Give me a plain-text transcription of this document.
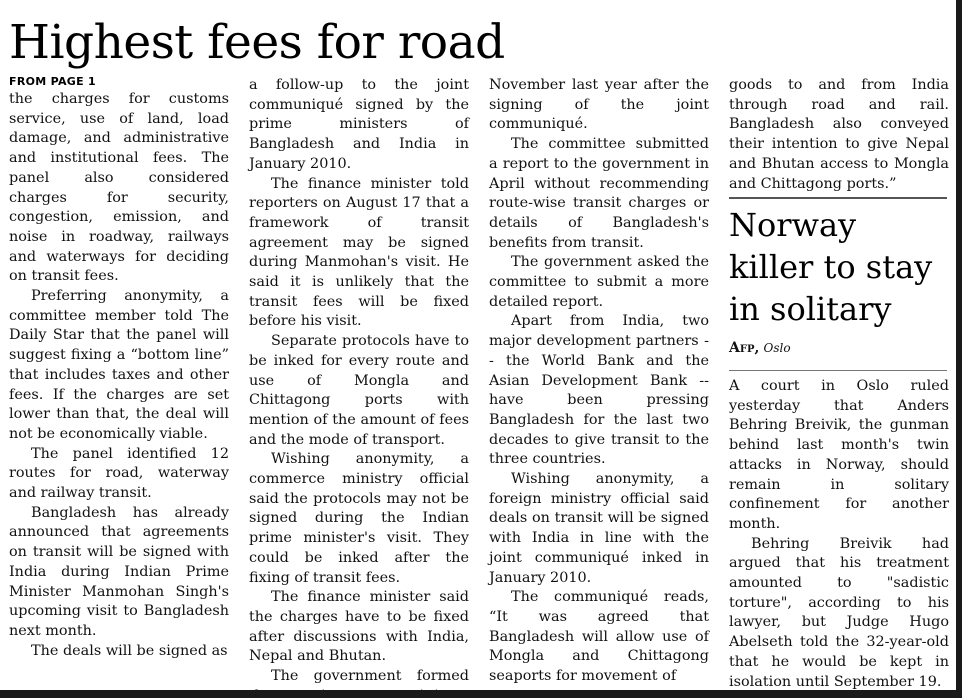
Highest fees for road
FROM PAGE 1

the charges for customs service, use of land, load damage, and administrative and institutional fees. The panel also considered charges for security, congestion, emission, and noise in roadway, railways and waterways for deciding on transit fees.

Preferring anonymity, a committee member told The Daily Star that the panel will suggest fixing a “bottom line” that includes taxes and other fees. If the charges are set lower than that, the deal will not be economically viable.

The panel identified 12 routes for road, waterway and railway transit.

Bangladesh has already announced that agreements on transit will be signed with India during Indian Prime Minister Manmohan Singh's upcoming visit to Bangladesh next month.

The deals will be signed as

a follow-up to the joint communiqué signed by the prime ministers of Bangladesh and India in January 2010.

The finance minister told reporters on August 17 that a framework of transit agreement may be signed during Manmohan's visit. He said it is unlikely that the transit fees will be fixed before his visit.

Separate protocols have to be inked for every route and use of Mongla and Chittagong ports with mention of the amount of fees and the mode of transport.

Wishing anonymity, a commerce ministry official said the protocols may not be signed during the Indian prime minister's visit. They could be inked after the fixing of transit fees.

The finance minister said the charges have to be fixed after discussions with India, Nepal and Bhutan.

The government formed

November last year after the signing of the joint communiqué.

The committee submitted a report to the government in April without recommending route-wise transit charges or details of Bangladesh's benefits from transit.

The government asked the committee to submit a more detailed report.

Apart from India, two major development partners -- the World Bank and the Asian Development Bank -- have been pressing Bangladesh for the last two decades to give transit to the three countries.

Wishing anonymity, a foreign ministry official said deals on transit will be signed with India in line with the joint communiqué inked in January 2010.

The communiqué reads, “It was agreed that Bangladesh will allow use of Mongla and Chittagong seaports for movement of

goods to and from India through road and rail. Bangladesh also conveyed their intention to give Nepal and Bhutan access to Mongla and Chittagong ports.”

Norway killer to stay in solitary
Afp, Oslo

A court in Oslo ruled yesterday that Anders Behring Breivik, the gunman behind last month's twin attacks in Norway, should remain in solitary confinement for another month.

Behring Breivik had argued that his treatment amounted to "sadistic torture", according to his lawyer, but Judge Hugo Abelseth told the 32-year-old that he would be kept in isolation until September 19.
